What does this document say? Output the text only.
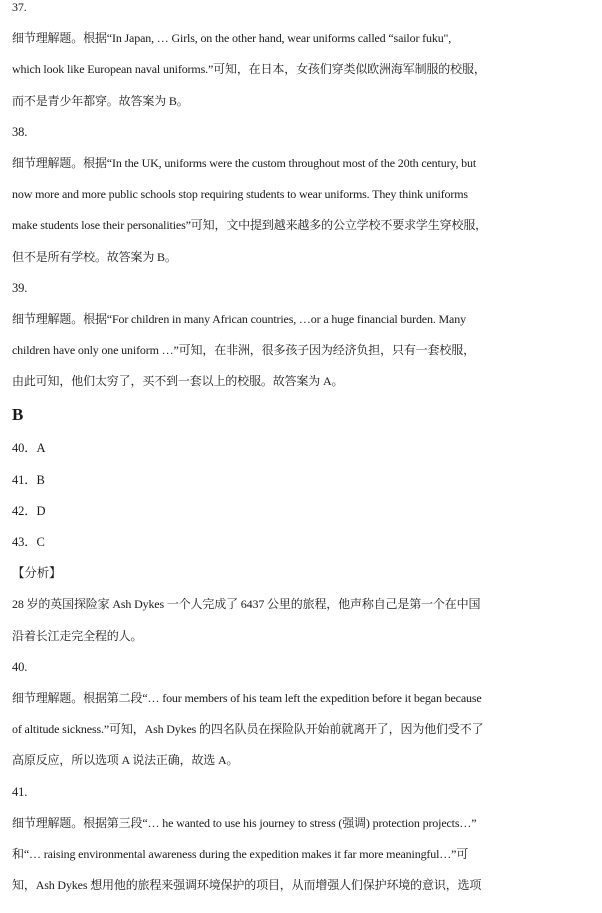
37.

细节理解题。根据“In Japan, … Girls, on the other hand, wear uniforms called “sailor fuku",

which look like European naval uniforms.”可知，在日本，女孩们穿类似欧洲海军制服的校服，

而不是青少年都穿。故答案为 B。

38.

细节理解题。根据“In the UK, uniforms were the custom throughout most of the 20th century, but

now more and more public schools stop requiring students to wear uniforms. They think uniforms

make students lose their personalities”可知，文中提到越来越多的公立学校不要求学生穿校服，

但不是所有学校。故答案为 B。

39.

细节理解题。根据“For children in many African countries, …or a huge financial burden. Many

children have only one uniform …”可知，在非洲，很多孩子因为经济负担，只有一套校服，

由此可知，他们太穷了，买不到一套以上的校服。故答案为 A。

B

40．A

41．B

42．D

43．C

【分析】

28 岁的英国探险家 Ash Dykes 一个人完成了 6437 公里的旅程，他声称自己是第一个在中国

沿着长江走完全程的人。

40.

细节理解题。根据第二段“… four members of his team left the expedition before it began because

of altitude sickness.”可知，Ash Dykes 的四名队员在探险队开始前就离开了，因为他们受不了

高原反应，所以选项 A 说法正确，故选 A。

41.

细节理解题。根据第三段“… he wanted to use his journey to stress (强调) protection projects…”

和“… raising environmental awareness during the expedition makes it far more meaningful…”可

知，Ash Dykes 想用他的旅程来强调环境保护的项目，从而增强人们保护环境的意识，选项
